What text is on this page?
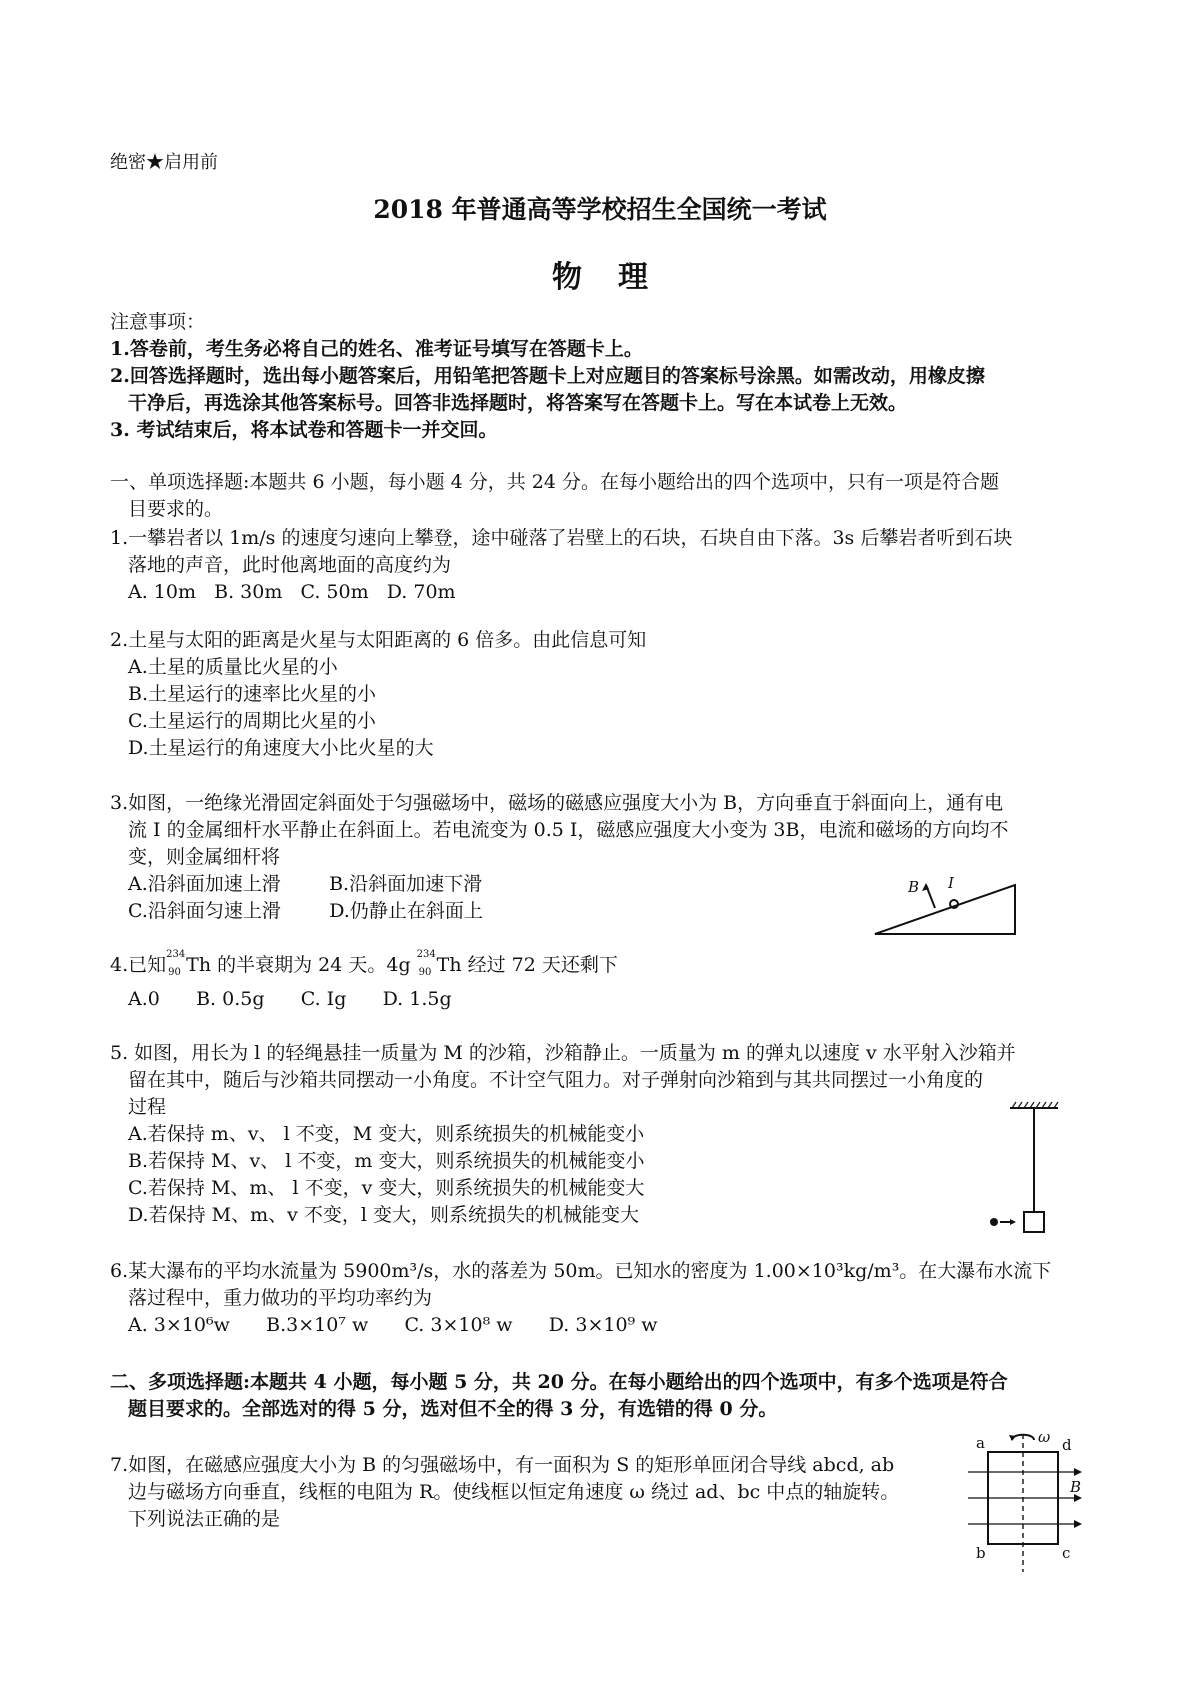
绝密★启用前
2018 年普通高等学校招生全国统一考试
物理
注意事项：
1.答卷前，考生务必将自己的姓名、准考证号填写在答题卡上。
2.回答选择题时，选出每小题答案后，用铅笔把答题卡上对应题目的答案标号涂黑。如需改动，用橡皮擦
干净后，再选涂其他答案标号。回答非选择题时，将答案写在答题卡上。写在本试卷上无效。
3. 考试结束后，将本试卷和答题卡一并交回。
一、单项选择题:本题共 6 小题，每小题 4 分，共 24 分。在每小题给出的四个选项中，只有一项是符合题
目要求的。
1.一攀岩者以 1m/s 的速度匀速向上攀登，途中碰落了岩壁上的石块，石块自由下落。3s 后攀岩者听到石块
落地的声音，此时他离地面的高度约为
A. 10m   B. 30m   C. 50m   D. 70m
2.土星与太阳的距离是火星与太阳距离的 6 倍多。由此信息可知
A.土星的质量比火星的小
B.土星运行的速率比火星的小
C.土星运行的周期比火星的小
D.土星运行的角速度大小比火星的大
3.如图，一绝缘光滑固定斜面处于匀强磁场中，磁场的磁感应强度大小为 B，方向垂直于斜面向上，通有电
流 I 的金属细杆水平静止在斜面上。若电流变为 0.5 I，磁感应强度大小变为 3B，电流和磁场的方向均不
变，则金属细杆将
A.沿斜面加速上滑        B.沿斜面加速下滑
C.沿斜面匀速上滑        D.仍静止在斜面上
B I
4.已知 234
90 Th 的半衰期为 24 天。4g 234
90 Th 经过 72 天还剩下
A.0      B. 0.5g      C. Ig      D. 1.5g
5. 如图，用长为 l 的轻绳悬挂一质量为 M 的沙箱，沙箱静止。一质量为 m 的弹丸以速度 v 水平射入沙箱并
留在其中，随后与沙箱共同摆动一小角度。不计空气阻力。对子弹射向沙箱到与其共同摆过一小角度的
过程
A.若保持 m、v、 l 不变，M 变大，则系统损失的机械能变小
B.若保持 M、v、 l 不变，m 变大，则系统损失的机械能变小
C.若保持 M、m、 l 不变，v 变大，则系统损失的机械能变大
D.若保持 M、m、v 不变，l 变大，则系统损失的机械能变大
6.某大瀑布的平均水流量为 5900m³/s，水的落差为 50m。已知水的密度为 1.00×10³kg/m³。在大瀑布水流下
落过程中，重力做功的平均功率约为
A. 3×10⁶w      B.3×10⁷ w      C. 3×10⁸ w      D. 3×10⁹ w
二、多项选择题:本题共 4 小题，每小题 5 分，共 20 分。在每小题给出的四个选项中，有多个选项是符合
题目要求的。全部选对的得 5 分，选对但不全的得 3 分，有选错的得 0 分。
7.如图，在磁感应强度大小为 B 的匀强磁场中，有一面积为 S 的矩形单匝闭合导线 abcd, ab
边与磁场方向垂直，线框的电阻为 R。使线框以恒定角速度 ω 绕过 ad、bc 中点的轴旋转。
下列说法正确的是
a
b	c
d
ω
B
